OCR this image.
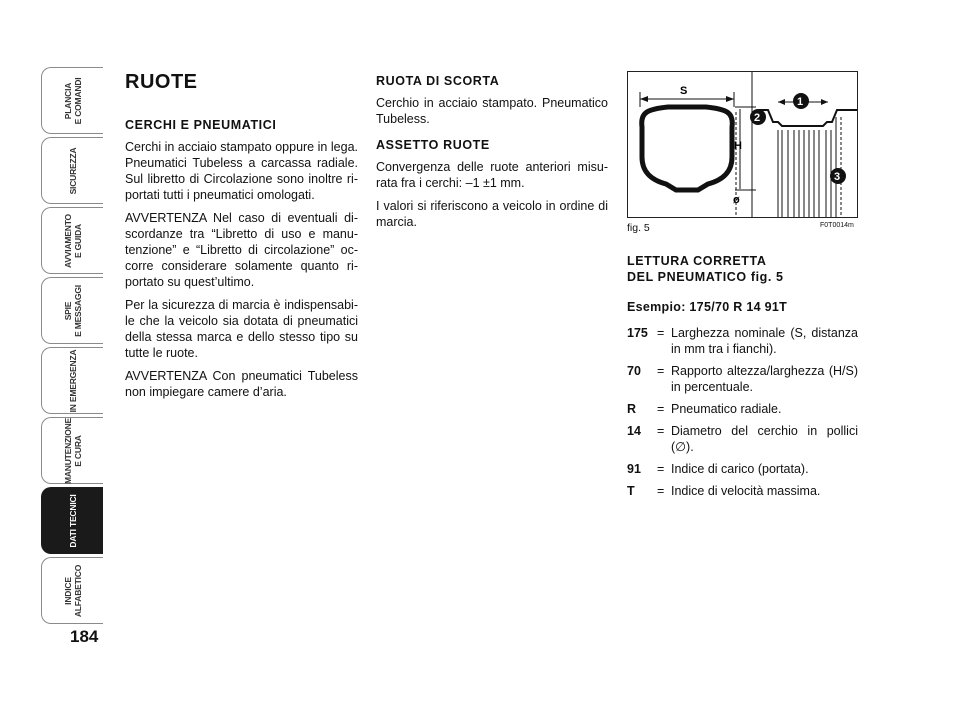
PLANCIA
E COMANDI
SICUREZZA
AVVIAMENTO
E GUIDA
SPIE
E MESSAGGI
IN EMERGENZA
MANUTENZIONE
E CURA
DATI TECNICI
INDICE
ALFABETICO
184
RUOTE
CERCHI E PNEUMATICI

Cerchi in acciaio stampato oppure in lega. Pneumatici Tubeless a carcassa radiale. Sul libretto di Circolazione sono inoltre ri-portati tutti i pneumatici omologati.

AVVERTENZA Nel caso di eventuali di-scordanze tra “Libretto di uso e manu-tenzione” e “Libretto di circolazione” oc-corre considerare solamente quanto ri-portato su quest’ultimo.

Per la sicurezza di marcia è indispensabi-le che la veicolo sia dotata di pneumatici della stessa marca e dello stesso tipo su tutte le ruote.

AVVERTENZA Con pneumatici Tubeless non impiegare camere d’aria.

RUOTA DI SCORTA

Cerchio in acciaio stampato. Pneumatico Tubeless.

ASSETTO RUOTE

Convergenza delle ruote anteriori misu-rata fra i cerchi: –1 ±1 mm.

I valori si riferiscono a veicolo in ordine di marcia.

S
H
ø
1
2
3
fig. 5	F0T0014m
LETTURA CORRETTA
DEL PNEUMATICO fig. 5
Esempio: 175/70 R 14 91T
175 = Larghezza nominale (S, distanza in mm tra i fianchi).
70	= Rapporto altezza/larghezza (H/S) in percentuale.
R	= Pneumatico radiale.
14	= Diametro del cerchio in pollici (∅).
91	= Indice di carico (portata).
T	= Indice di velocità massima.
